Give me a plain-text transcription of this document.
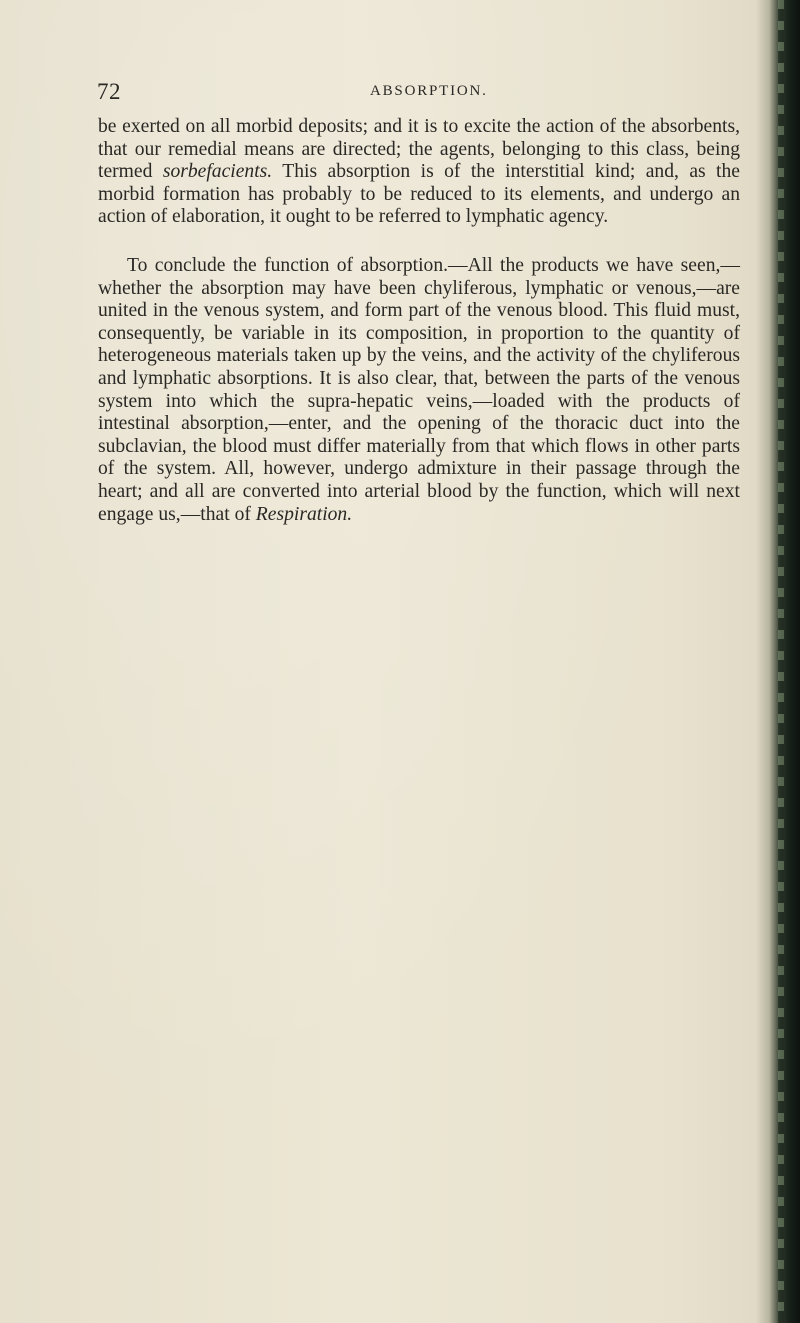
72	ABSORPTION.

be exerted on all morbid deposits; and it is to excite the action of the absorbents, that our remedial means are directed; the agents, belonging to this class, being termed sorbefacients. This absorption is of the interstitial kind; and, as the morbid formation has probably to be reduced to its elements, and undergo an action of elaboration, it ought to be referred to lymphatic agency.

To conclude the function of absorption.—All the products we have seen,—whether the absorption may have been chyliferous, lymphatic or venous,—are united in the venous system, and form part of the venous blood. This fluid must, consequently, be variable in its composition, in proportion to the quantity of heterogeneous materials taken up by the veins, and the activity of the chyliferous and lymphatic absorptions. It is also clear, that, between the parts of the venous system into which the supra-hepatic veins,—loaded with the products of intestinal absorption,—enter, and the opening of the thoracic duct into the subclavian, the blood must differ materially from that which flows in other parts of the system. All, however, undergo admixture in their passage through the heart; and all are converted into arterial blood by the function, which will next engage us,—that of Respiration.
